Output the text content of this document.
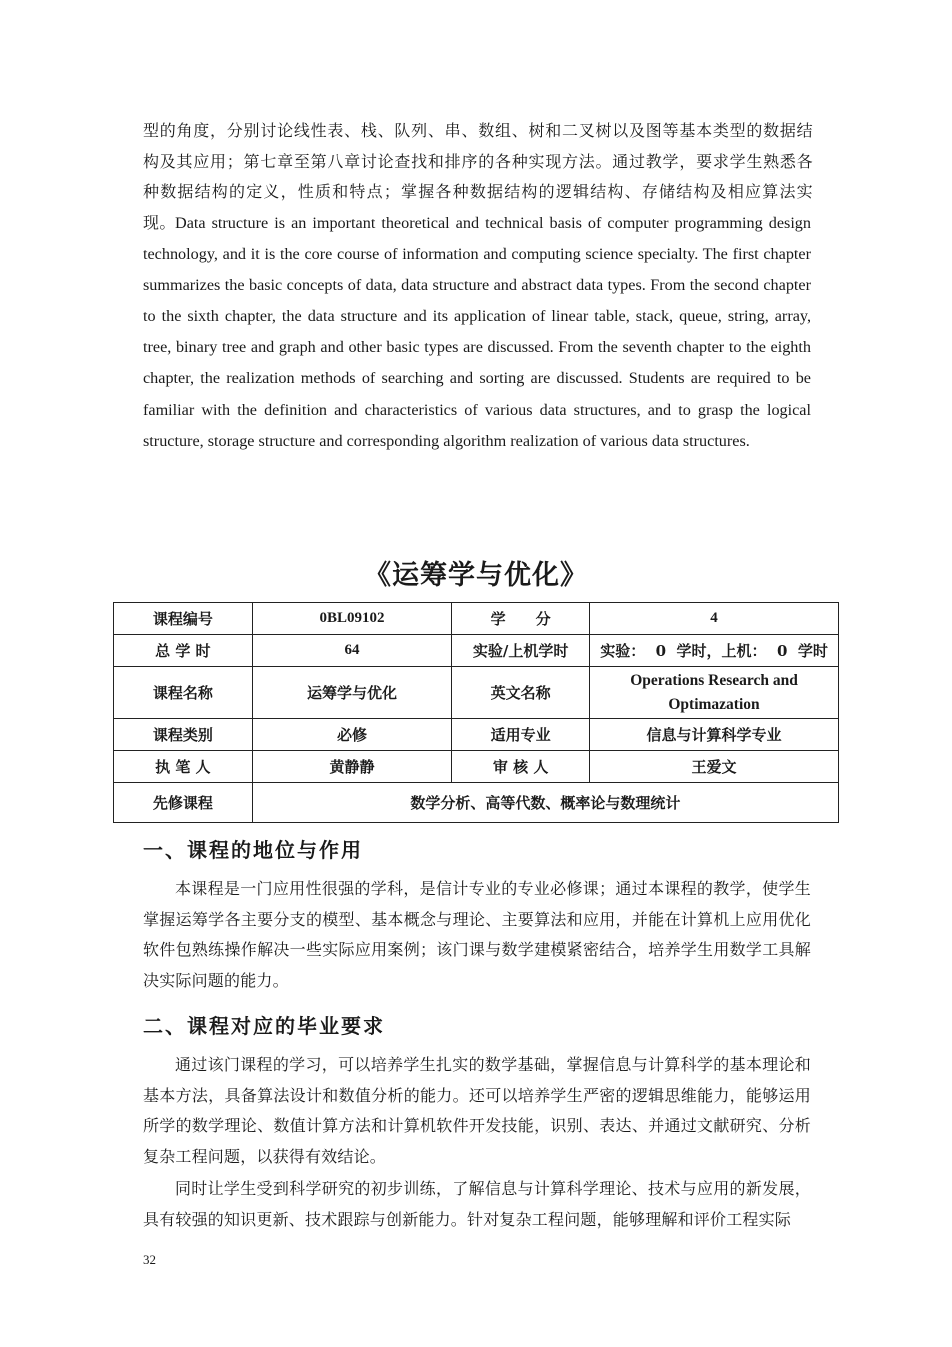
型的角度，分别讨论线性表、栈、队列、串、数组、树和二叉树以及图等基本类型的数据结构及其应用；第七章至第八章讨论查找和排序的各种实现方法。通过教学，要求学生熟悉各种数据结构的定义，性质和特点；掌握各种数据结构的逻辑结构、存储结构及相应算法实现。 Data structure is an important theoretical and technical basis of computer programming design technology, and it is the core course of information and computing science specialty. The first chapter summarizes the basic concepts of data, data structure and abstract data types. From the second chapter to the sixth chapter, the data structure and its application of linear table, stack, queue, string, array, tree, binary tree and graph and other basic types are discussed. From the seventh chapter to the eighth chapter, the realization methods of searching and sorting are discussed. Students are required to be familiar with the definition and characteristics of various data structures, and to grasp the logical structure, storage structure and corresponding algorithm realization of various data structures.

《运筹学与优化》
课程编号	0BL09102	学　　分	4
总 学 时	64	实验/上机学时	实验：  0  学时，上机：  0  学时
课程名称	运筹学与优化	英文名称	Operations Research and Optimazation
课程类别	必修	适用专业	信息与计算科学专业
执 笔 人	黄静静	审 核 人	王爱文
先修课程	数学分析、高等代数、概率论与数理统计		
一、课程的地位与作用

本课程是一门应用性很强的学科，是信计专业的专业必修课；通过本课程的教学，使学生掌握运筹学各主要分支的模型、基本概念与理论、主要算法和应用，并能在计算机上应用优化软件包熟练操作解决一些实际应用案例；该门课与数学建模紧密结合，培养学生用数学工具解决实际问题的能力。

二、课程对应的毕业要求

通过该门课程的学习，可以培养学生扎实的数学基础，掌握信息与计算科学的基本理论和基本方法，具备算法设计和数值分析的能力。还可以培养学生严密的逻辑思维能力，能够运用所学的数学理论、数值计算方法和计算机软件开发技能，识别、表达、并通过文献研究、分析复杂工程问题，以获得有效结论。

同时让学生受到科学研究的初步训练，了解信息与计算科学理论、技术与应用的新发展，具有较强的知识更新、技术跟踪与创新能力。针对复杂工程问题，能够理解和评价工程实际

32
